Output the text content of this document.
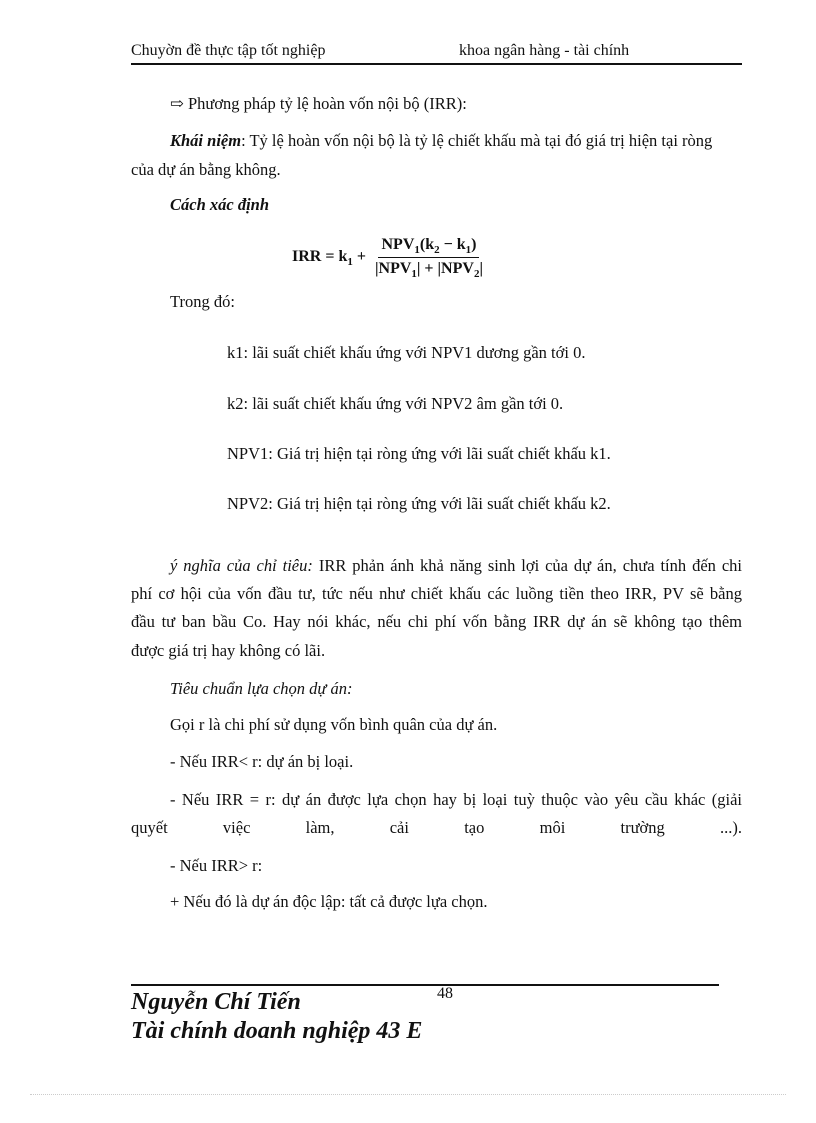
Chuyờn đề thực tập tốt nghiệp	khoa ngân hàng - tài chính
⇨ Phương pháp tỷ lệ hoàn vốn nội bộ (IRR):
Khái niệm: Tỷ lệ hoàn vốn nội bộ là tỷ lệ chiết khấu mà tại đó giá trị hiện tại ròng
của dự án bằng không.
Cách xác định
IRR = $k_1 + \frac{NPV_1(k_2 - k_1)}{|NPV_1| + |NPV_2|}$
Trong đó:
k1: lãi suất chiết khấu ứng với NPV1 dương gần tới 0.
k2: lãi suất chiết khấu ứng với NPV2 âm gần tới 0.
NPV1: Giá trị hiện tại ròng ứng với lãi suất chiết khấu k1.
NPV2: Giá trị hiện tại ròng ứng với lãi suất chiết khấu k2.
ý nghĩa của chỉ tiêu: IRR phản ánh khả năng sinh lợi của dự án, chưa tính đến chi
phí cơ hội của vốn đầu tư, tức nếu như chiết khấu các luồng tiền theo IRR, PV sẽ bằng
đầu tư ban bầu Co. Hay nói khác, nếu chi phí vốn bằng IRR dự án sẽ không tạo thêm
được giá trị hay không có lãi.
Tiêu chuẩn lựa chọn dự án:
Gọi r là chi phí sử dụng vốn bình quân của dự án.
- Nếu IRR< r: dự án bị loại.
- Nếu IRR = r: dự án được lựa chọn hay bị loại tuỳ thuộc vào yêu cầu khác (giải
quyết	việc	làm,	cải	tạo	môi	trường	...).
- Nếu IRR> r:
+ Nếu đó là dự án độc lập: tất cả được lựa chọn.
48
Nguyễn Chí Tiến
Tài chính doanh nghiệp 43 E
